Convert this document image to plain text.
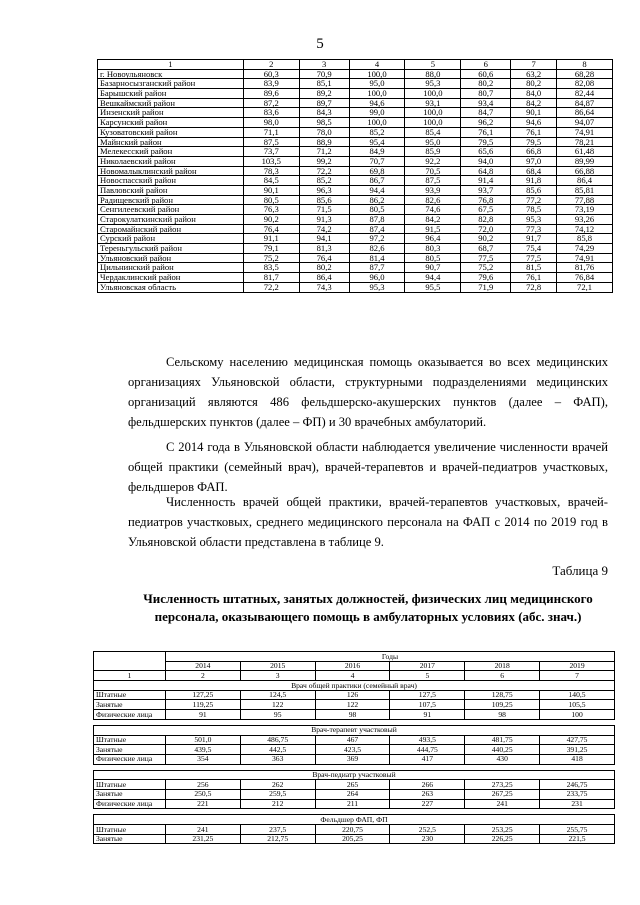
5
1	2	3	4	5	6	7	8
г. Новоульяновск	60,3	70,9	100,0	88,0	60,6	63,2	68,28
Базарносызганский район	83,9	85,1	95,0	95,3	80,2	80,2	82,08
Барышский район	89,6	89,2	100,0	100,0	80,7	84,0	82,44
Вешкаймский район	87,2	89,7	94,6	93,1	93,4	84,2	84,87
Инзенский район	83,6	84,3	99,0	100,0	84,7	90,1	86,64
Карсунский район	98,0	98,5	100,0	100,0	96,2	94,6	94,07
Кузоватовский район	71,1	78,0	85,2	85,4	76,1	76,1	74,91
Майнский район	87,5	88,9	95,4	95,0	79,5	79,5	78,21
Мелекесский район	73,7	71,2	84,9	85,9	65,6	66,8	61,48
Николаевский район	103,5	99,2	70,7	92,2	94,0	97,0	89,99
Новомалыклинский район	78,3	72,2	69,8	70,5	64,8	68,4	66,88
Новоспасский район	84,5	85,2	86,7	87,5	91,4	91,8	86,4
Павловский район	90,1	96,3	94,4	93,9	93,7	85,6	85,81
Радищевский район	80,5	85,6	86,2	82,6	76,8	77,2	77,88
Сенгилеевский район	76,3	71,5	80,5	74,6	67,5	78,5	73,19
Старокулаткинский район	90,2	91,3	87,8	84,2	82,8	95,3	93,26
Старомайнский район	76,4	74,2	87,4	91,5	72,0	77,3	74,12
Сурский район	91,1	94,1	97,2	96,4	90,2	91,7	85,8
Тереньгульский район	79,1	81,3	82,6	80,3	68,7	75,4	74,29
Ульяновский район	75,2	76,4	81,4	80,5	77,5	77,5	74,91
Цильнинский район	83,5	80,2	87,7	90,7	75,2	81,5	81,76
Чердаклинский район	81,7	86,4	96,0	94,4	79,6	76,1	76,84
Ульяновская область	72,2	74,3	95,3	95,5	71,9	72,8	72,1

Сельскому населению медицинская помощь оказывается во всех медицинских организациях Ульяновской области, структурными подразделениями медицинских организаций являются 486 фельдшерско-акушерских пунктов (далее – ФАП), фельдшерских пунктов (далее – ФП) и 30 врачебных амбулаторий.

С 2014 года в Ульяновской области наблюдается увеличение численности врачей общей практики (семейный врач), врачей-терапевтов и врачей-педиатров участковых, фельдшеров ФАП.

Численность врачей общей практики, врачей-терапевтов участковых, врачей-педиатров участковых, среднего медицинского персонала на ФАП с 2014 по 2019 год в Ульяновской области представлена в таблице 9.

Таблица 9
Численность штатных, занятых должностей, физических лиц медицинского персонала, оказывающего помощь в амбулаторных условиях (абс. знач.)
	Годы					
	2014	2015	2016	2017	2018	2019
1	2	3	4	5	6	7
Врач общей практики (семейный врач)						
Штатные	127,25	124,5	126	127,5	128,75	140,5
Занятые	119,25	122	122	107,5	109,25	105,5
Физические лица	91	95	98	91	98	100

Врач-терапевт участковый						
Штатные	501,0	486,75	467	493,5	481,75	427,75
Занятые	439,5	442,5	423,5	444,75	440,25	391,25
Физические лица	354	363	369	417	430	418

Врач-педиатр участковый						
Штатные	256	262	265	266	273,25	246,75
Занятые	250,5	259,5	264	263	267,25	233,75
Физические лица	221	212	211	227	241	231

Фельдшер ФАП, ФП						
Штатные	241	237,5	220,75	252,5	253,25	255,75
Занятые	231,25	212,75	205,25	230	226,25	221,5
